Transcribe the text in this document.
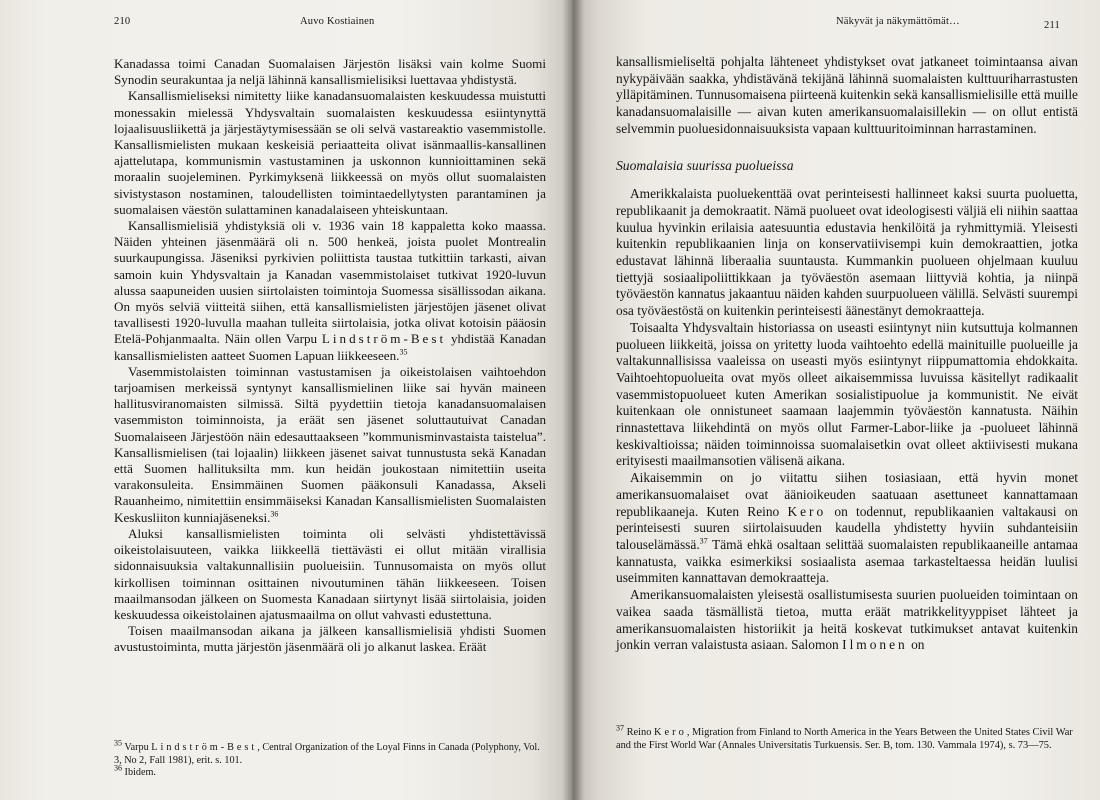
210	Auvo Kostiainen

Kanadassa toimi Canadan Suomalaisen Järjestön lisäksi vain kolme Suomi Synodin seurakuntaa ja neljä lähinnä kansallismielisiksi luettavaa yhdistystä.

Kansallismieliseksi nimitetty liike kanadansuomalaisten keskuudessa muistutti monessakin mielessä Yhdysvaltain suomalaisten keskuudessa esiintynyttä lojaalisuusliikettä ja järjestäytymisessään se oli selvä vastareaktio vasemmistolle. Kansallismielisten mukaan keskeisiä periaatteita olivat isänmaallis-kansallinen ajattelutapa, kommunismin vastustaminen ja uskonnon kunnioittaminen sekä moraalin suojeleminen. Pyrkimyksenä liikkeessä on myös ollut suomalaisten sivistystason nostaminen, taloudellisten toimintaedellytysten parantaminen ja suomalaisen väestön sulattaminen kanadalaiseen yhteiskuntaan.

Kansallismielisiä yhdistyksiä oli v. 1936 vain 18 kappaletta koko maassa. Näiden yhteinen jäsenmäärä oli n. 500 henkeä, joista puolet Montrealin suurkaupungissa. Jäseniksi pyrkivien poliittista taustaa tutkittiin tarkasti, aivan samoin kuin Yhdysvaltain ja Kanadan vasemmistolaiset tutkivat 1920-luvun alussa saapuneiden uusien siirtolaisten toimintoja Suomessa sisällissodan aikana. On myös selviä viitteitä siihen, että kansallismielisten järjestöjen jäsenet olivat tavallisesti 1920-luvulla maahan tulleita siirtolaisia, jotka olivat kotoisin pääosin Etelä-Pohjanmaalta. Näin ollen Varpu Lindström-Best yhdistää Kanadan kansallismielisten aatteet Suomen Lapuan liikkeeseen.$^{35}$

Vasemmistolaisten toiminnan vastustamisen ja oikeistolaisen vaihtoehdon tarjoamisen merkeissä syntynyt kansallismielinen liike sai hyvän maineen hallitusviranomaisten silmissä. Siltä pyydettiin tietoja kanadansuomalaisen vasemmiston toiminnoista, ja eräät sen jäsenet soluttautuivat Canadan Suomalaiseen Järjestöön näin edesauttaakseen ”kommunisminvastaista taistelua”. Kansallismielisen (tai lojaalin) liikkeen jäsenet saivat tunnustusta sekä Kanadan että Suomen hallituksilta mm. kun heidän joukostaan nimitettiin useita varakonsuleita. Ensimmäinen Suomen pääkonsuli Kanadassa, Akseli Rauanheimo, nimitettiin ensimmäiseksi Kanadan Kansallismielisten Suomalaisten Keskusliiton kunniajäseneksi.$^{36}$

Aluksi kansallismielisten toiminta oli selvästi yhdistettävissä oikeistolaisuuteen, vaikka liikkeellä tiettävästi ei ollut mitään virallisia sidonnaisuuksia valtakunnallisiin puolueisiin. Tunnusomaista on myös ollut kirkollisen toiminnan osittainen nivoutuminen tähän liikkeeseen. Toisen maailmansodan jälkeen on Suomesta Kanadaan siirtynyt lisää siirtolaisia, joiden keskuudessa oikeistolainen ajatusmaailma on ollut vahvasti edustettuna.

Toisen maailmansodan aikana ja jälkeen kansallismielisiä yhdisti Suomen avustustoiminta, mutta järjestön jäsenmäärä oli jo alkanut laskea. Eräät

$^{35}$ Varpu Lindström-Best, Central Organization of the Loyal Finns in Canada (Polyphony, Vol. 3, No 2, Fall 1981), erit. s. 101.

$^{36}$ Ibidem.

Näkyvät ja näkymättömät…	211

kansallismieliseltä pohjalta lähteneet yhdistykset ovat jatkaneet toimintaansa aivan nykypäivään saakka, yhdistävänä tekijänä lähinnä suomalaisten kulttuuriharrastusten ylläpitäminen. Tunnusomaisena piirteenä kuitenkin sekä kansallismielisille että muille kanadansuomalaisille — aivan kuten amerikansuomalaisillekin — on ollut entistä selvemmin puoluesidonnaisuuksista vapaan kulttuuritoiminnan harrastaminen.

Suomalaisia suurissa puolueissa

Amerikkalaista puoluekenttää ovat perinteisesti hallinneet kaksi suurta puoluetta, republikaanit ja demokraatit. Nämä puolueet ovat ideologisesti väljiä eli niihin saattaa kuulua hyvinkin erilaisia aatesuuntia edustavia henkilöitä ja ryhmittymiä. Yleisesti kuitenkin republikaanien linja on konservatiivisempi kuin demokraattien, jotka edustavat lähinnä liberaalia suuntausta. Kummankin puolueen ohjelmaan kuuluu tiettyjä sosiaalipoliittikkaan ja työväestön asemaan liittyviä kohtia, ja niinpä työväestön kannatus jakaantuu näiden kahden suurpuolueen välillä. Selvästi suurempi osa työväestöstä on kuitenkin perinteisesti äänestänyt demokraatteja.

Toisaalta Yhdysvaltain historiassa on useasti esiintynyt niin kutsuttuja kolmannen puolueen liikkeitä, joissa on yritetty luoda vaihtoehto edellä mainituille puolueille ja valtakunnallisissa vaaleissa on useasti myös esiintynyt riippumattomia ehdokkaita. Vaihtoehtopuolueita ovat myös olleet aikaisemmissa luvuissa käsitellyt radikaalit vasemmistopuolueet kuten Amerikan sosialistipuolue ja kommunistit. Ne eivät kuitenkaan ole onnistuneet saamaan laajemmin työväestön kannatusta. Näihin rinnastettava liikehdintä on myös ollut Farmer-Labor-liike ja -puolueet lähinnä keskivaltioissa; näiden toiminnoissa suomalaisetkin ovat olleet aktiivisesti mukana erityisesti maailmansotien välisenä aikana.

Aikaisemmin on jo viitattu siihen tosiasiaan, että hyvin monet amerikansuomalaiset ovat äänioikeuden saatuaan asettuneet kannattamaan republikaaneja. Kuten Reino Kero on todennut, republikaanien valtakausi on perinteisesti suuren siirtolaisuuden kaudella yhdistetty hyviin suhdanteisiin talouselämässä.$^{37}$ Tämä ehkä osaltaan selittää suomalaisten republikaaneille antamaa kannatusta, vaikka esimerkiksi sosiaalista asemaa tarkasteltaessa heidän luulisi useimmiten kannattavan demokraatteja.

Amerikansuomalaisten yleisestä osallistumisesta suurien puolueiden toimintaan on vaikea saada täsmällistä tietoa, mutta eräät matrikkelityyppiset lähteet ja amerikansuomalaisten historiikit ja heitä koskevat tutkimukset antavat kuitenkin jonkin verran valaistusta asiaan. Salomon Ilmonen on

$^{37}$ Reino Kero, Migration from Finland to North America in the Years Between the United States Civil War and the First World War (Annales Universitatis Turkuensis. Ser. B, tom. 130. Vammala 1974), s. 73—75.
